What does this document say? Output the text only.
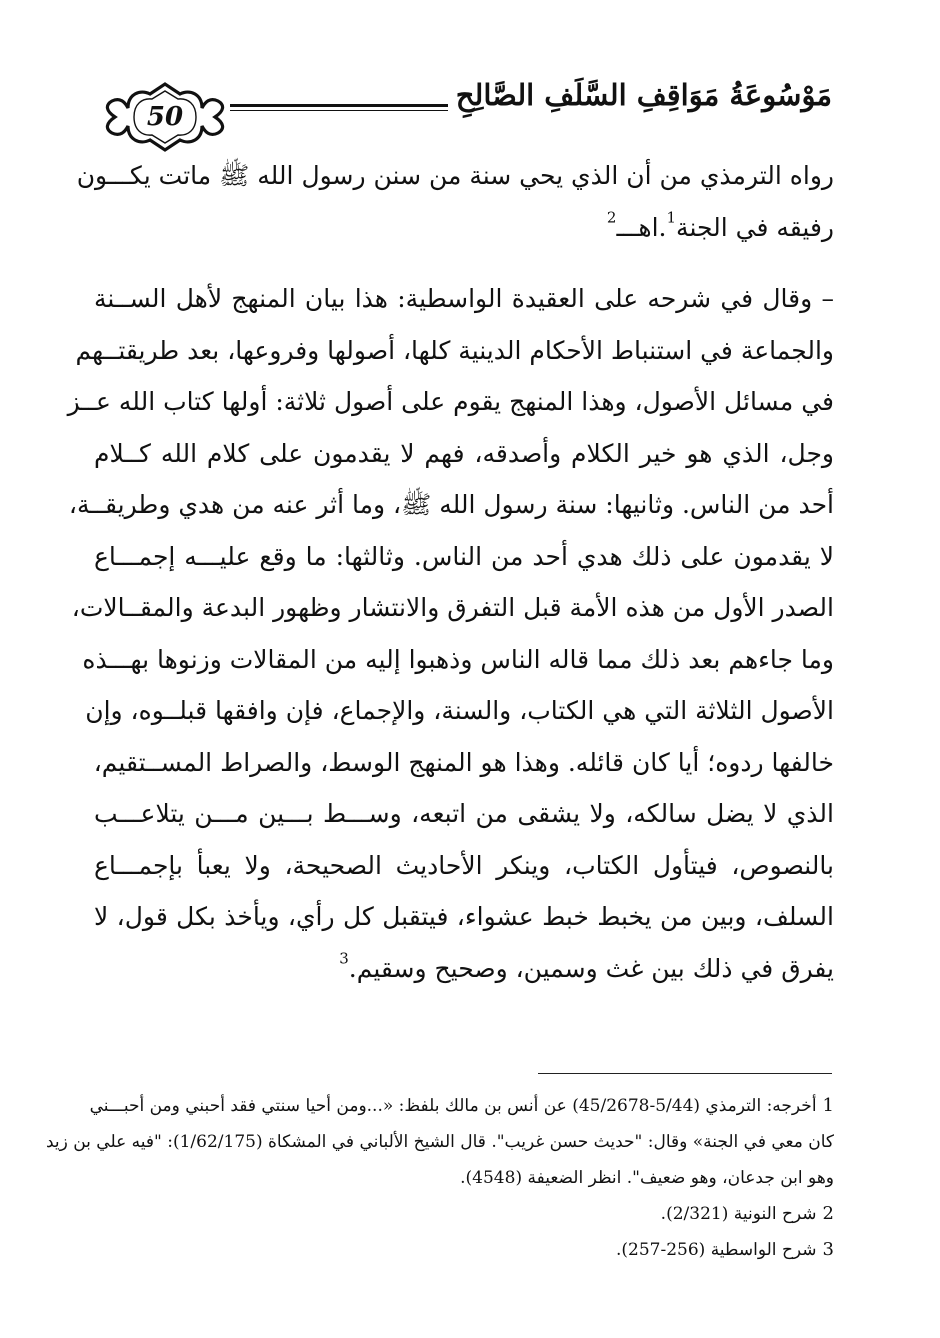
مَوْسُوعَةُ مَوَاقِفِ السَّلَفِ الصَّالِحِ
50
رواه الترمذي من أن الذي يحي سنة من سنن رسول الله ﷺ ماتت يكـــون
رفيقه في الجنة$^1$.اهـــ$^2$
– وقال في شرحه على العقيدة الواسطية: هذا بيان المنهج لأهل الســنة
والجماعة في استنباط الأحكام الدينية كلها، أصولها وفروعها، بعد طريقتــهم
في مسائل الأصول، وهذا المنهج يقوم على أصول ثلاثة: أولها كتاب الله عــز
وجل، الذي هو خير الكلام وأصدقه، فهم لا يقدمون على كلام الله كــلام
أحد من الناس. وثانيها: سنة رسول الله ﷺ، وما أثر عنه من هدي وطريقــة،
لا يقدمون على ذلك هدي أحد من الناس. وثالثها: ما وقع عليـــه إجمـــاع
الصدر الأول من هذه الأمة قبل التفرق والانتشار وظهور البدعة والمقــالات،
وما جاءهم بعد ذلك مما قاله الناس وذهبوا إليه من المقالات وزنوها بهـــذه
الأصول الثلاثة التي هي الكتاب، والسنة، والإجماع، فإن وافقها قبلــوه، وإن
خالفها ردوه؛ أيا كان قائله. وهذا هو المنهج الوسط، والصراط المســتقيم،
الذي لا يضل سالكه، ولا يشقى من اتبعه، وســـط بـــين مـــن يتلاعـــب
بالنصوص، فيتأول الكتاب، وينكر الأحاديث الصحيحة، ولا يعبأ بإجمـــاع
السلف، وبين من يخبط خبط عشواء، فيتقبل كل رأي، ويأخذ بكل قول، لا
يفرق في ذلك بين غث وسمين، وصحيح وسقيم.$^3$
1أخرجه: الترمذي (5/44-45/2678) عن أنس بن مالك بلفظ: «...ومن أحيا سنتي فقد أحبني ومن أحبـــني
كان معي في الجنة» وقال: "حديث حسن غريب". قال الشيخ الألباني في المشكاة (1/62/175): "فيه علي بن زيد
وهو ابن جدعان، وهو ضعيف". انظر الضعيفة (4548).
2شرح النونية (2/321).
3شرح الواسطية (256-257).
